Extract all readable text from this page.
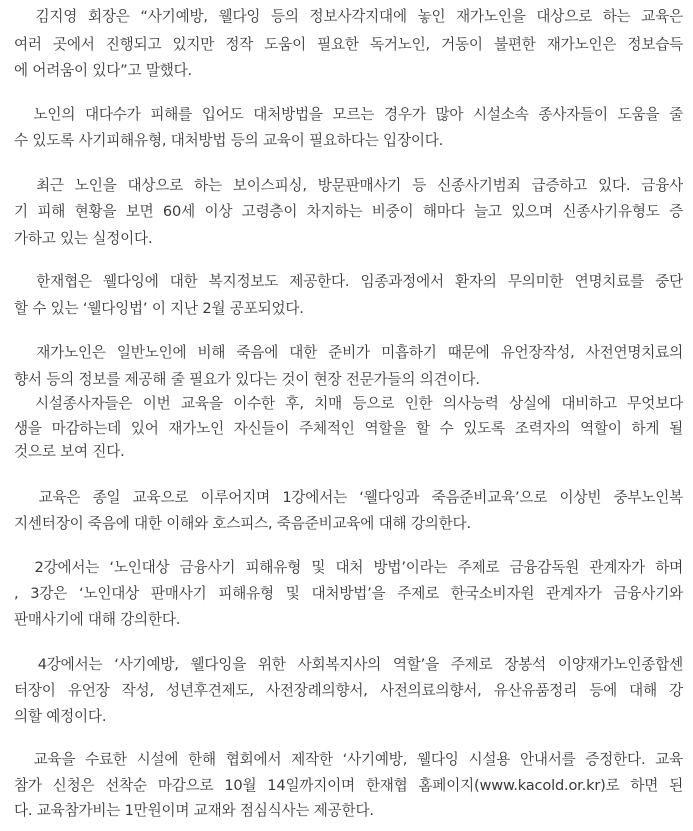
김지영 회장은 “사기예방, 웰다잉 등의 정보사각지대에 놓인 재가노인을 대상으로 하는 교육은
여러 곳에서 진행되고 있지만 정작 도움이 필요한 독거노인, 거동이 불편한 재가노인은 정보습득
에 어려움이 있다”고 말했다.
노인의 대다수가 피해를 입어도 대처방법을 모르는 경우가 많아 시설소속 종사자들이 도움을 줄
수 있도록 사기피해유형, 대처방법 등의 교육이 필요하다는 입장이다.
최근 노인을 대상으로 하는 보이스피싱, 방문판매사기 등 신종사기범죄 급증하고 있다. 금융사
기 피해 현황을 보면 60세 이상 고령층이 차지하는 비중이 해마다 늘고 있으며 신종사기유형도 증
가하고 있는 실정이다.
한재협은 웰다잉에 대한 복지정보도 제공한다. 임종과정에서 환자의 무의미한 연명치료를 중단
할 수 있는 ‘웰다잉법’ 이 지난 2월 공포되었다.
재가노인은 일반노인에 비해 죽음에 대한 준비가 미흡하기 때문에 유언장작성, 사전연명치료의
향서 등의 정보를 제공해 줄 필요가 있다는 것이 현장 전문가들의 의견이다.
시설종사자들은 이번 교육을 이수한 후, 치매 등으로 인한 의사능력 상실에 대비하고 무엇보다
생을 마감하는데 있어 재가노인 자신들이 주체적인 역할을 할 수 있도록 조력자의 역할이 하게 될
것으로 보여 진다.
교육은 종일 교육으로 이루어지며 1강에서는 ‘웰다잉과 죽음준비교육’으로 이상빈 중부노인복
지센터장이 죽음에 대한 이해와 호스피스, 죽음준비교육에 대해 강의한다.
2강에서는 ‘노인대상 금융사기 피해유형 및 대처 방법’이라는 주제로 금융감독원 관계자가 하며
, 3강은 ‘노인대상 판매사기 피해유형 및 대처방법’을 주제로 한국소비자원 관계자가 금융사기와
판매사기에 대해 강의한다.
4강에서는 ‘사기예방, 웰다잉을 위한 사회복지사의 역할’을 주제로 장봉석 이양재가노인종합센
터장이 유언장 작성, 성년후견제도, 사전장례의향서, 사전의료의향서, 유산유품정리 등에 대해 강
의할 예정이다.
교육을 수료한 시설에 한해 협회에서 제작한 ‘사기예방, 웰다잉 시설용 안내서를 증정한다. 교육
참가 신청은 선착순 마감으로 10월 14일까지이며 한재협 홈페이지(www.kacold.or.kr)로 하면 된
다. 교육참가비는 1만원이며 교재와 점심식사는 제공한다.
